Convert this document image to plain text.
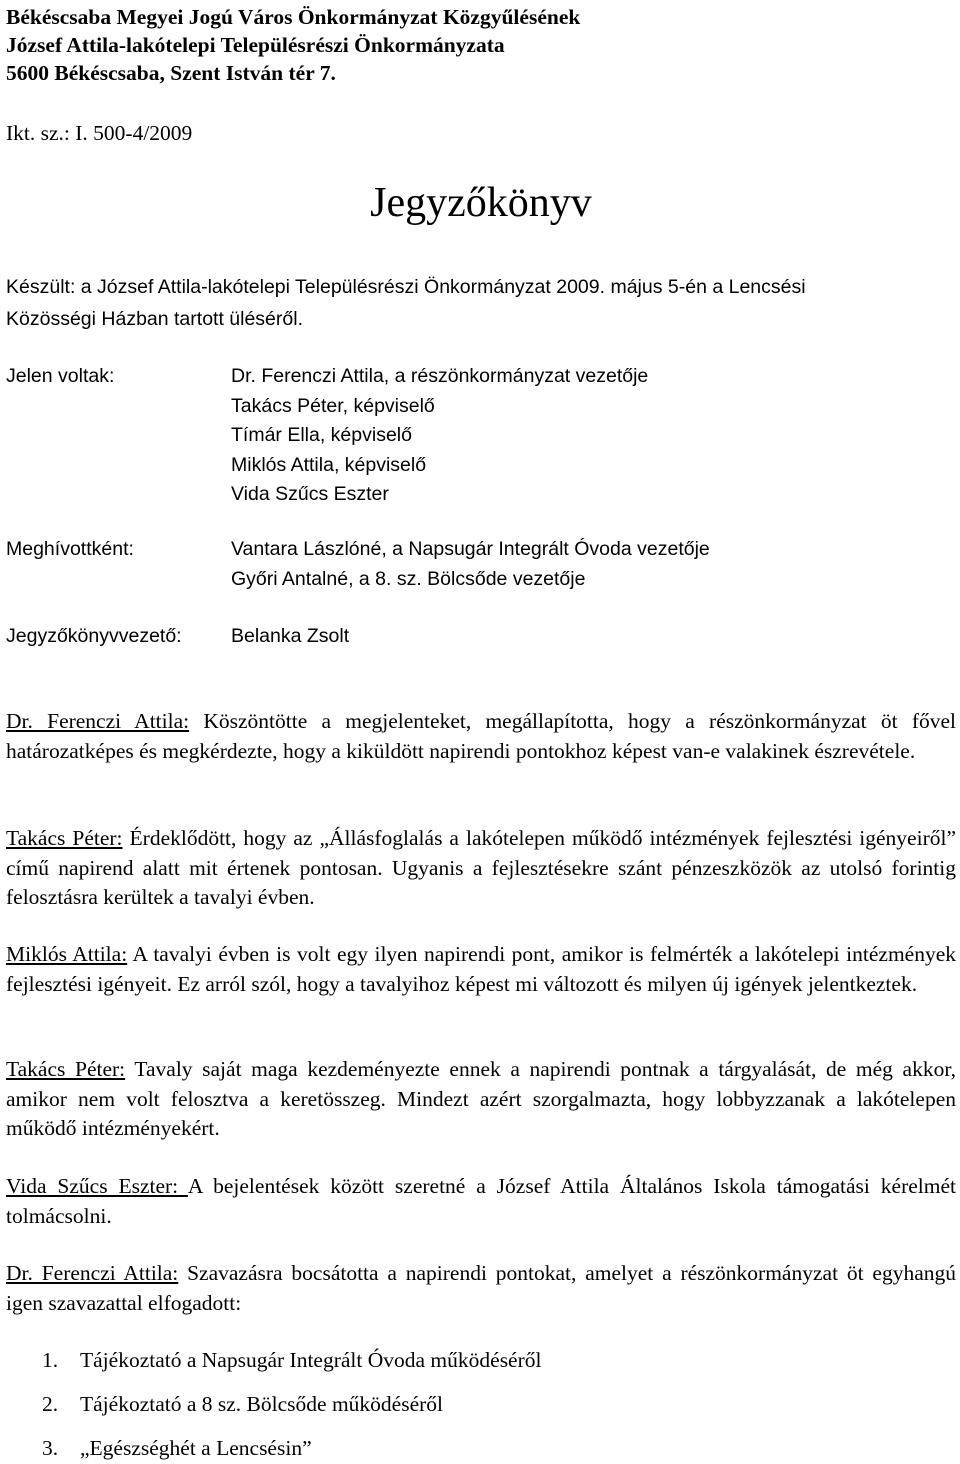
Békéscsaba Megyei Jogú Város Önkormányzat Közgyűlésének
József Attila-lakótelepi Településrészi Önkormányzata
5600 Békéscsaba, Szent István tér 7.
Ikt. sz.: I. 500-4/2009
Jegyzőkönyv
Készült: a József Attila-lakótelepi Településrészi Önkormányzat 2009. május 5-én a Lencsési
Közösségi Házban tartott üléséről.
Jelen voltak:	Dr. Ferenczi Attila, a részönkormányzat vezetője
Takács Péter, képviselő
Tímár Ella, képviselő
Miklós Attila, képviselő
Vida Szűcs Eszter
Meghívottként:	Vantara Lászlóné, a Napsugár Integrált Óvoda vezetője
Győri Antalné, a 8. sz. Bölcsőde vezetője
Jegyzőkönyvvezető:	Belanka Zsolt
Dr. Ferenczi Attila: Köszöntötte a megjelenteket, megállapította, hogy a részönkormányzat öt fővel határozatképes és megkérdezte, hogy a kiküldött napirendi pontokhoz képest van-e valakinek észrevétele.
Takács Péter: Érdeklődött, hogy az „Állásfoglalás a lakótelepen működő intézmények fejlesztési igényeiről” című napirend alatt mit értenek pontosan. Ugyanis a fejlesztésekre szánt pénzeszközök az utolsó forintig felosztásra kerültek a tavalyi évben.
Miklós Attila: A tavalyi évben is volt egy ilyen napirendi pont, amikor is felmérték a lakótelepi intézmények fejlesztési igényeit. Ez arról szól, hogy a tavalyihoz képest mi változott és milyen új igények jelentkeztek.
Takács Péter: Tavaly saját maga kezdeményezte ennek a napirendi pontnak a tárgyalását, de még akkor, amikor nem volt felosztva a keretösszeg. Mindezt azért szorgalmazta, hogy lobbyzzanak a lakótelepen működő intézményekért.
Vida Szűcs Eszter: A bejelentések között szeretné a József Attila Általános Iskola támogatási kérelmét tolmácsolni.
Dr. Ferenczi Attila: Szavazásra bocsátotta a napirendi pontokat, amelyet a részönkormányzat öt egyhangú igen szavazattal elfogadott:
1. Tájékoztató a Napsugár Integrált Óvoda működéséről
2. Tájékoztató a 8 sz. Bölcsőde működéséről
3. „Egészséghét a Lencsésin”
